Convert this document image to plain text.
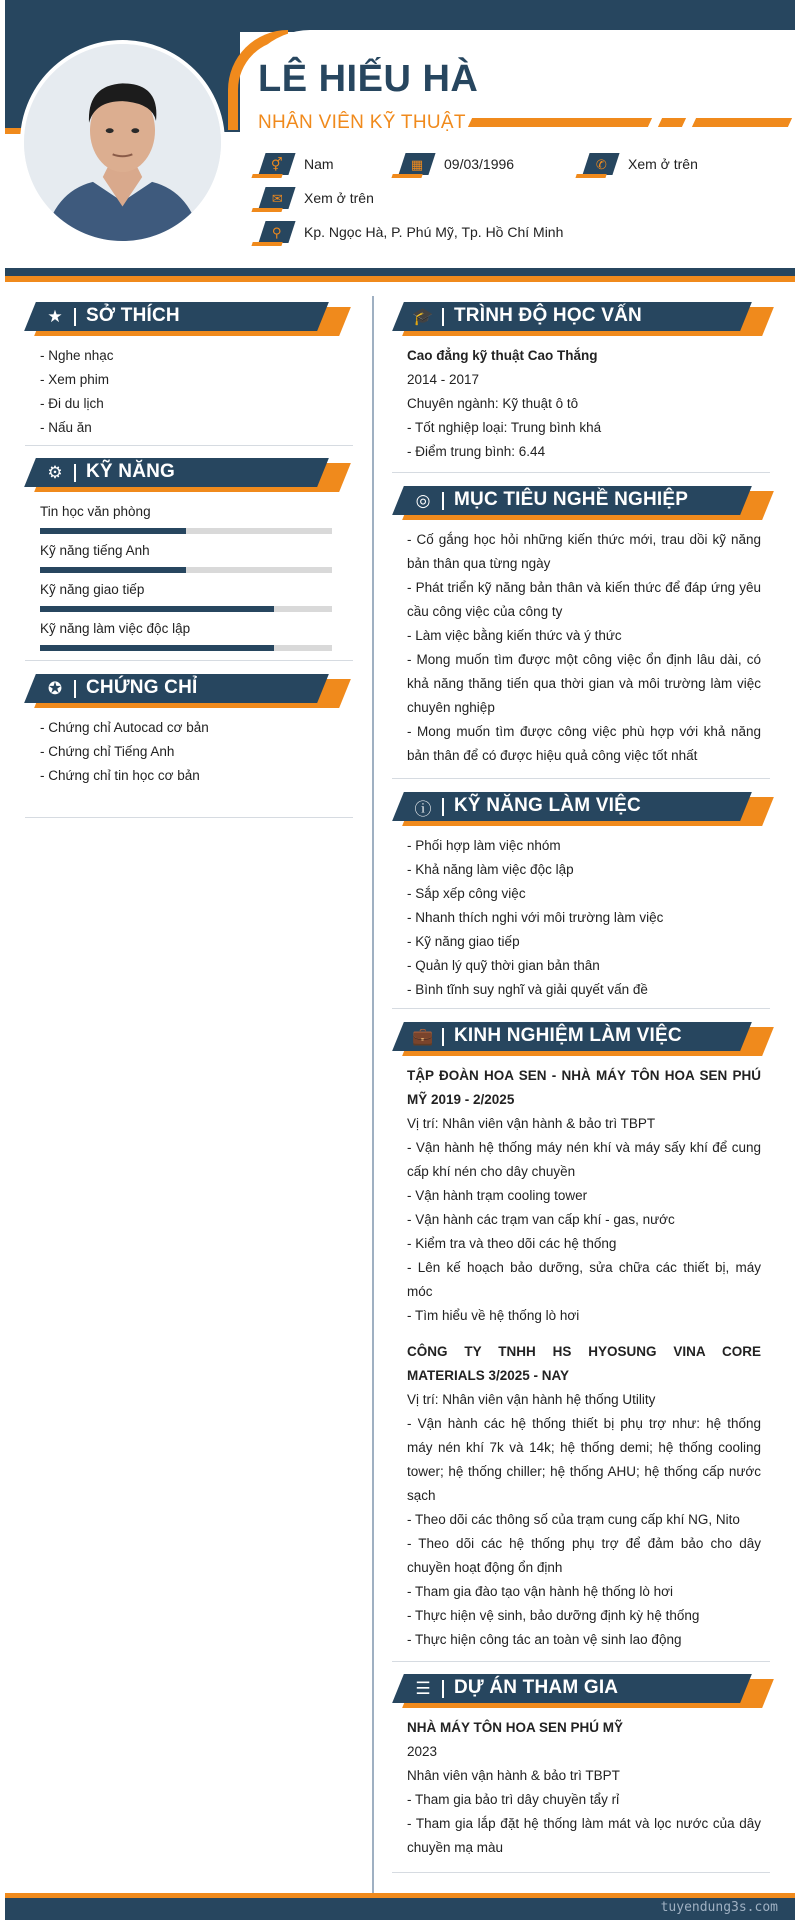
LÊ HIẾU HÀ
NHÂN VIÊN KỸ THUẬT
⚥ Nam	▦ 09/03/1996	✆ Xem ở trên
✉ Xem ở trên
⚲ Kp. Ngọc Hà, P. Phú Mỹ, Tp. Hồ Chí Minh
★ SỞ THÍCH

- Nghe nhạc

- Xem phim

- Đi du lịch

- Nấu ăn

⚙ KỸ NĂNG
Tin học văn phòng
Kỹ năng tiếng Anh
Kỹ năng giao tiếp
Kỹ năng làm việc độc lập
✪ CHỨNG CHỈ

- Chứng chỉ Autocad cơ bản

- Chứng chỉ Tiếng Anh

- Chứng chỉ tin học cơ bản

🎓 TRÌNH ĐỘ HỌC VẤN

Cao đẳng kỹ thuật Cao Thắng

2014 - 2017

Chuyên ngành: Kỹ thuật ô tô

- Tốt nghiệp loại: Trung bình khá

- Điểm trung bình: 6.44

◎ MỤC TIÊU NGHỀ NGHIỆP

- Cố gắng học hỏi những kiến thức mới, trau dồi kỹ năng bản thân qua từng ngày

- Phát triển kỹ năng bản thân và kiến thức để đáp ứng yêu cầu công việc của công ty

- Làm việc bằng kiến thức và ý thức

- Mong muốn tìm được một công việc ổn định lâu dài, có khả năng thăng tiến qua thời gian và môi trường làm việc chuyên nghiệp

- Mong muốn tìm được công việc phù hợp với khả năng bản thân để có được hiệu quả công việc tốt nhất

ⓘ KỸ NĂNG LÀM VIỆC

- Phối hợp làm việc nhóm

- Khả năng làm việc độc lập

- Sắp xếp công việc

- Nhanh thích nghi với môi trường làm việc

- Kỹ năng giao tiếp

- Quản lý quỹ thời gian bản thân

- Bình tĩnh suy nghĩ và giải quyết vấn đề

💼 KINH NGHIỆM LÀM VIỆC

TẬP ĐOÀN HOA SEN - NHÀ MÁY TÔN HOA SEN PHÚ MỸ 2019 - 2/2025

Vị trí: Nhân viên vận hành & bảo trì TBPT

- Vận hành hệ thống máy nén khí và máy sấy khí để cung cấp khí nén cho dây chuyền

- Vận hành trạm cooling tower

- Vận hành các trạm van cấp khí - gas, nước

- Kiểm tra và theo dõi các hệ thống

- Lên kế hoạch bảo dưỡng, sửa chữa các thiết bị, máy móc

- Tìm hiểu về hệ thống lò hơi

CÔNG TY TNHH HS HYOSUNG VINA CORE MATERIALS 3/2025 - NAY

Vị trí: Nhân viên vận hành hệ thống Utility

- Vận hành các hệ thống thiết bị phụ trợ như: hệ thống máy nén khí 7k và 14k; hệ thống demi; hệ thống cooling tower; hệ thống chiller; hệ thống AHU; hệ thống cấp nước sạch

- Theo dõi các thông số của trạm cung cấp khí NG, Nito

- Theo dõi các hệ thống phụ trợ để đảm bảo cho dây chuyền hoạt động ổn định

- Tham gia đào tạo vận hành hệ thống lò hơi

- Thực hiện vệ sinh, bảo dưỡng định kỳ hệ thống

- Thực hiện công tác an toàn vệ sinh lao động

☰ DỰ ÁN THAM GIA

NHÀ MÁY TÔN HOA SEN PHÚ MỸ

2023

Nhân viên vận hành & bảo trì TBPT

- Tham gia bảo trì dây chuyền tẩy rỉ

- Tham gia lắp đặt hệ thống làm mát và lọc nước của dây chuyền mạ màu

tuyendung3s.com
